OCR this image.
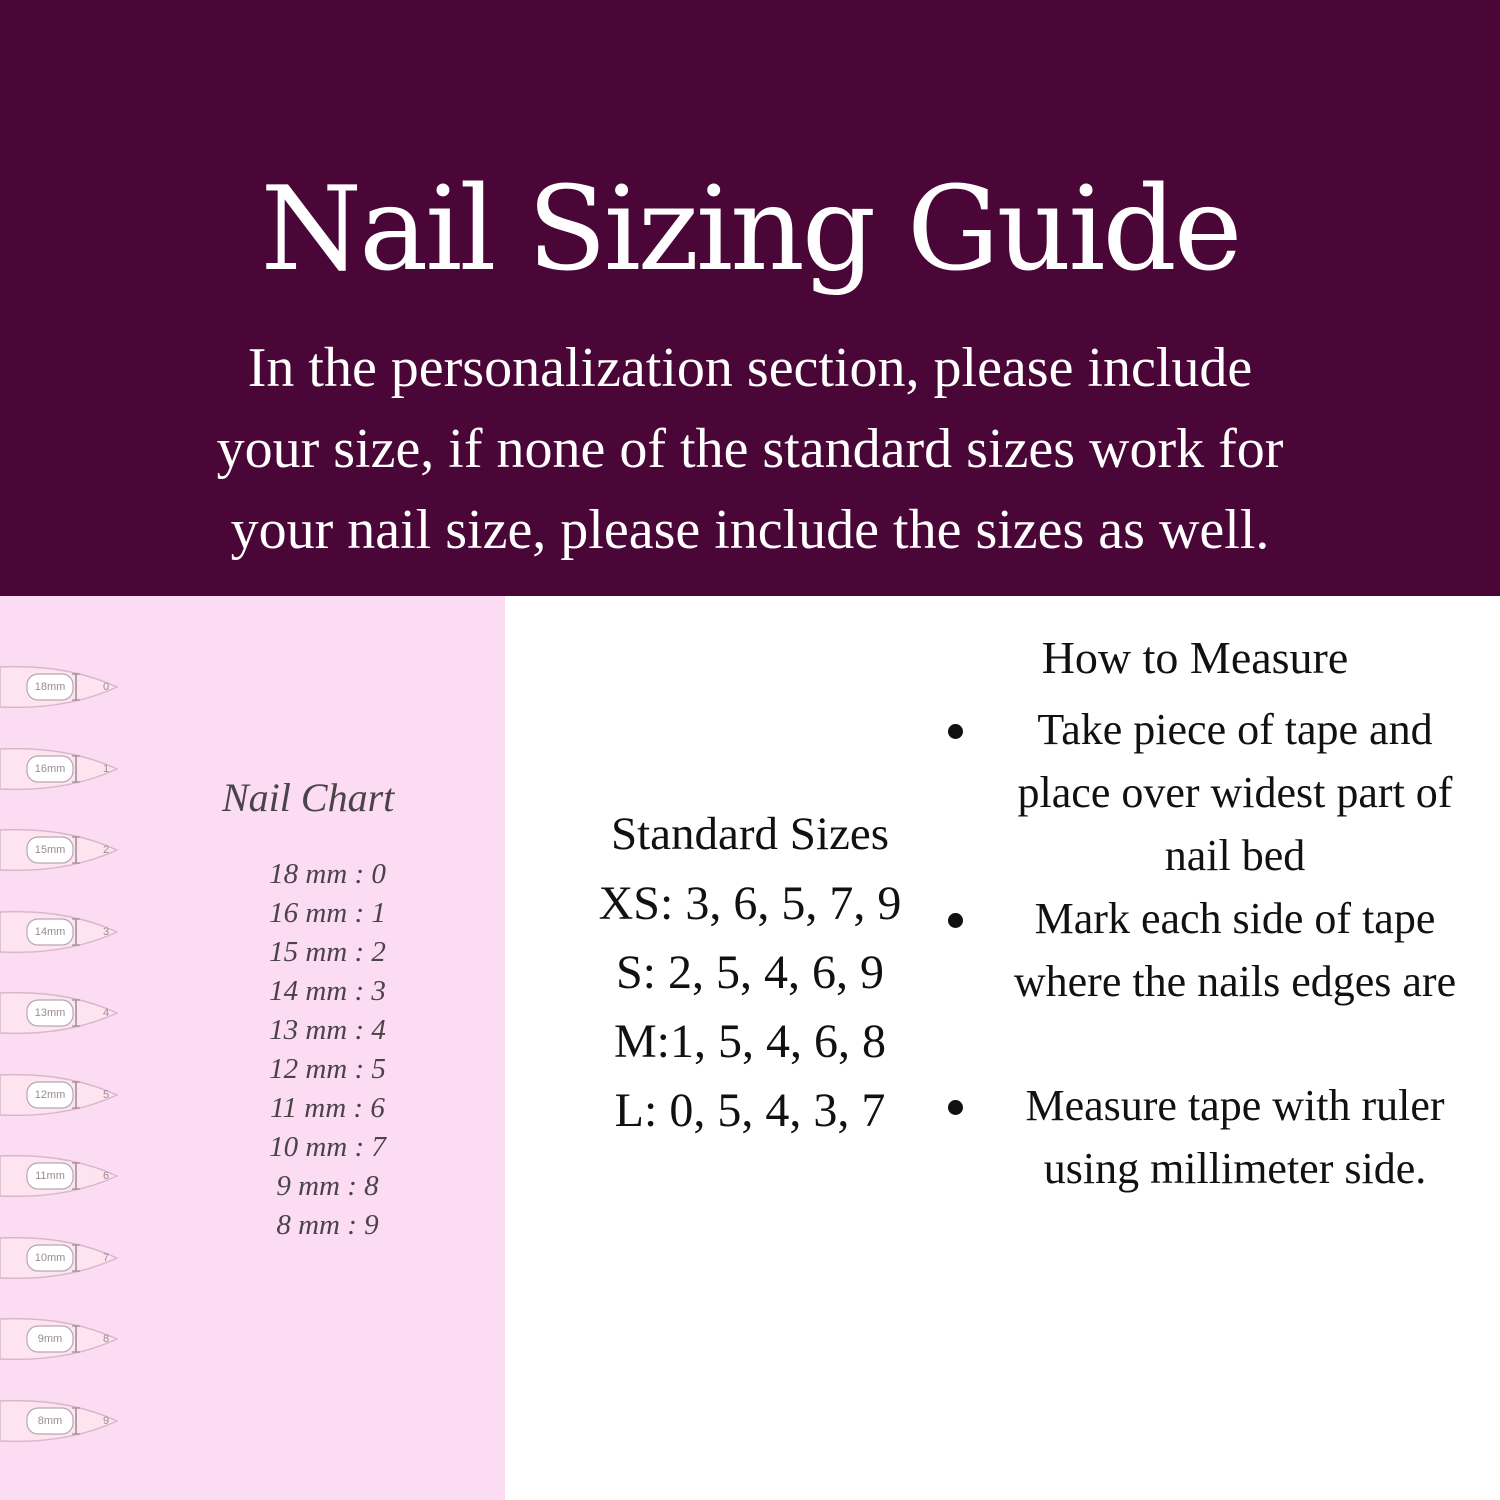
Nail Sizing Guide
In the personalization section, please include
your size, if none of the standard sizes work for
your nail size, please include the sizes as well.
18mm	0
16mm	1
15mm	2
14mm	3
13mm	4
12mm	5
11mm	6
10mm	7
9mm	8
8mm	9
Nail Chart
18 mm : 0
16 mm : 1
15 mm : 2
14 mm : 3
13 mm : 4
12 mm : 5
11 mm : 6
10 mm : 7
9 mm : 8
8 mm : 9
Standard Sizes
XS: 3, 6, 5, 7, 9
S: 2, 5, 4, 6, 9
M:1, 5, 4, 6, 8
L: 0, 5, 4, 3, 7
How to Measure
Take piece of tape and place over widest part of nail bed
Mark each side of tape where the nails edges are
Measure tape with ruler using millimeter side.
